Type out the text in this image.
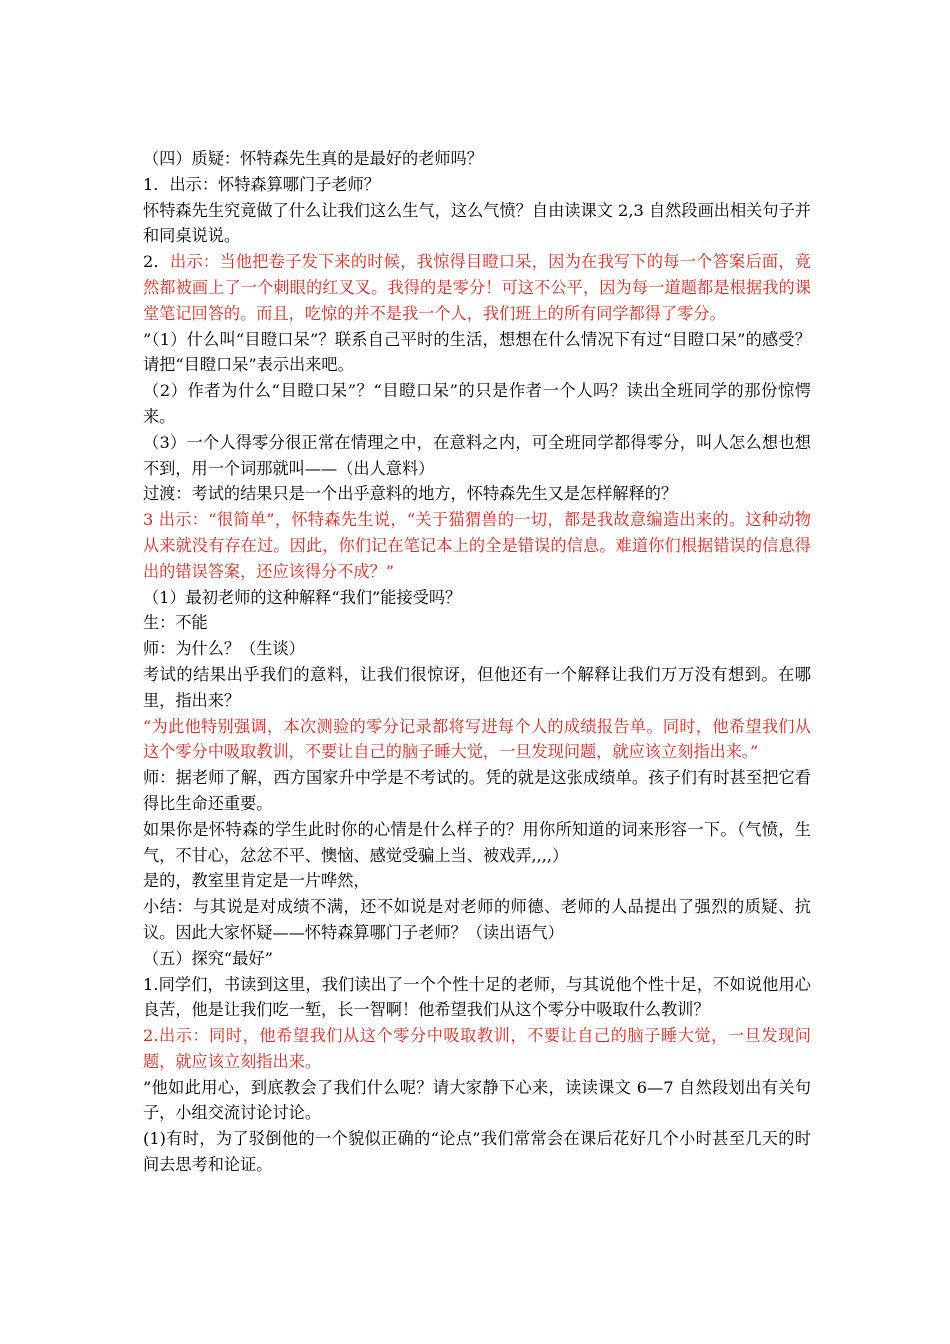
（四）质疑：怀特森先生真的是最好的老师吗？

1．出示：怀特森算哪门子老师？

怀特森先生究竟做了什么让我们这么生气，这么气愤？自由读课文 2,3 自然段画出相关句子并和同桌说说。

2．出示：当他把卷子发下来的时候，我惊得目瞪口呆，因为在我写下的每一个答案后面，竟然都被画上了一个刺眼的红叉叉。我得的是零分！可这不公平，因为每一道题都是根据我的课堂笔记回答的。而且，吃惊的并不是我一个人，我们班上的所有同学都得了零分。

”（1）什么叫“目瞪口呆”？联系自己平时的生活，想想在什么情况下有过“目瞪口呆”的感受？请把“目瞪口呆”表示出来吧。

（2）作者为什么“目瞪口呆”？“目瞪口呆”的只是作者一个人吗？读出全班同学的那份惊愕来。

（3）一个人得零分很正常在情理之中，在意料之内，可全班同学都得零分，叫人怎么想也想不到，用一个词那就叫——（出人意料）

过渡：考试的结果只是一个出乎意料的地方，怀特森先生又是怎样解释的？

3 出示：“很简单”，怀特森先生说，“关于猫猬兽的一切，都是我故意编造出来的。这种动物从来就没有存在过。因此，你们记在笔记本上的全是错误的信息。难道你们根据错误的信息得出的错误答案，还应该得分不成？”

（1）最初老师的这种解释“我们”能接受吗？

生：不能

师：为什么？（生谈）

考试的结果出乎我们的意料，让我们很惊讶，但他还有一个解释让我们万万没有想到。在哪里，指出来？

“为此他特别强调，本次测验的零分记录都将写进每个人的成绩报告单。同时，他希望我们从这个零分中吸取教训，不要让自己的脑子睡大觉，一旦发现问题，就应该立刻指出来。”

师：据老师了解，西方国家升中学是不考试的。凭的就是这张成绩单。孩子们有时甚至把它看得比生命还重要。

如果你是怀特森的学生此时你的心情是什么样子的？用你所知道的词来形容一下。（气愤，生气，不甘心，忿忿不平、懊恼、感觉受骗上当、被戏弄,,,,）

是的，教室里肯定是一片哗然，

小结：与其说是对成绩不满，还不如说是对老师的师德、老师的人品提出了强烈的质疑、抗议。因此大家怀疑——怀特森算哪门子老师？（读出语气）

（五）探究“最好”

1.同学们，书读到这里，我们读出了一个个性十足的老师，与其说他个性十足，不如说他用心良苦，他是让我们吃一堑，长一智啊！他希望我们从这个零分中吸取什么教训？

2.出示：同时，他希望我们从这个零分中吸取教训，不要让自己的脑子睡大觉，一旦发现问题，就应该立刻指出来。

”他如此用心，到底教会了我们什么呢？请大家静下心来，读读课文 6—7 自然段划出有关句子，小组交流讨论讨论。

(1)有时，为了驳倒他的一个貌似正确的“论点”我们常常会在课后花好几个小时甚至几天的时间去思考和论证。
